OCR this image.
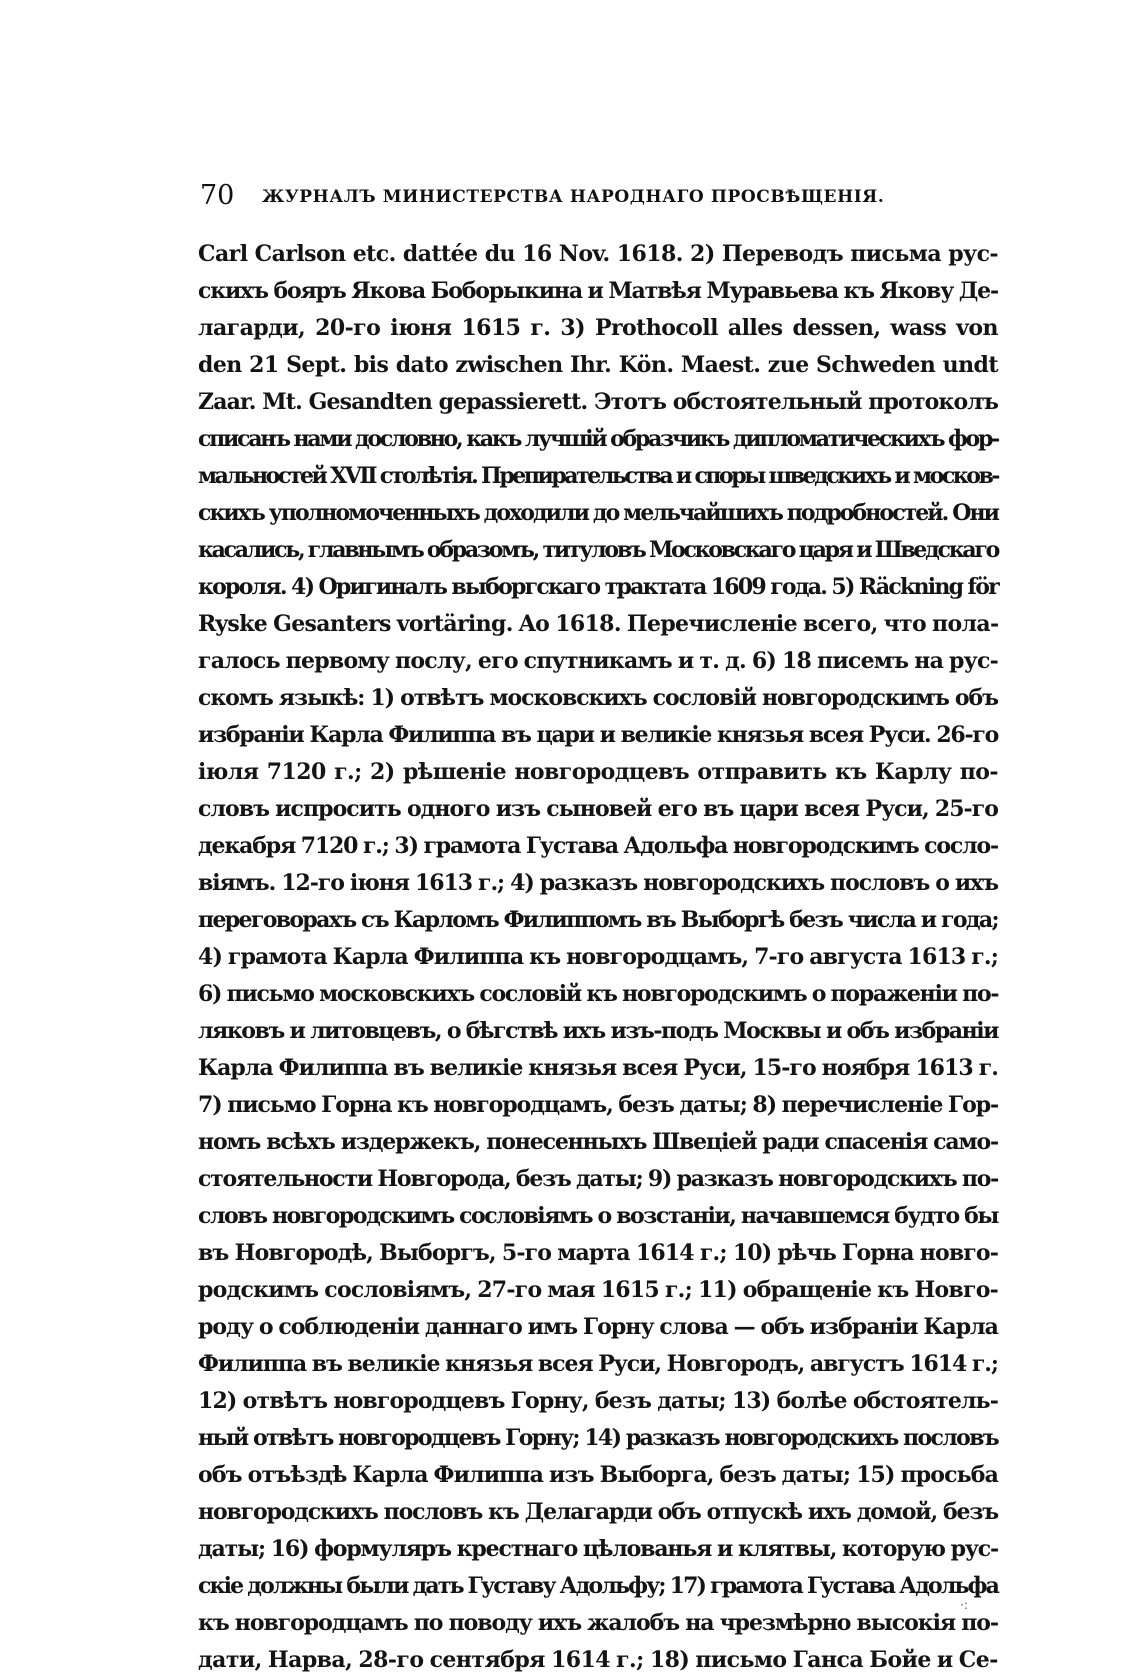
70 ЖУРНАЛЪ МИНИСТЕРСТВА НАРОДНАГО ПРОСВѢЩЕНІЯ.
Carl Carlson etc. dattée du 16 Nov. 1618. 2) Переводъ письма рус-
скихъ бояръ Якова Боборыкина и Матвѣя Муравьева къ Якову Де-
лагарди, 20-го іюня 1615 г. 3) Prothocoll alles dessen, wass von
den 21 Sept. bis dato zwischen Ihr. Kön. Maest. zue Schweden undt
Zaar. Mt. Gesandten gepassierett. Этотъ обстоятельный протоколъ
списанъ нами дословно, какъ лучшій образчикъ дипломатическихъ фор-
мальностей XVII столѣтія. Препирательства и споры шведскихъ и москов-
скихъ уполномоченныхъ доходили до мельчайшихъ подробностей. Они
касались, главнымъ образомъ, титуловъ Московскаго царя и Шведскаго
короля. 4) Оригиналъ выборгскаго трактата 1609 года. 5) Räckning för
Ryske Gesanters vortäring. Ao 1618. Перечисленіе всего, что пола-
галось первому послу, его спутникамъ и т. д. 6) 18 писемъ на рус-
скомъ языкѣ: 1) отвѣтъ московскихъ сословій новгородскимъ объ
избраніи Карла Филиппа въ цари и великіе князья всея Руси. 26-го
іюля 7120 г.; 2) рѣшеніе новгородцевъ отправить къ Карлу по-
словъ испросить одного изъ сыновей его въ цари всея Руси, 25-го
декабря 7120 г.; 3) грамота Густава Адольфа новгородскимъ сосло-
віямъ. 12-го іюня 1613 г.; 4) разказъ новгородскихъ пословъ о ихъ
переговорахъ съ Карломъ Филиппомъ въ Выборгѣ безъ числа и года;
4) грамота Карла Филиппа къ новгородцамъ, 7-го августа 1613 г.;
6) письмо московскихъ сословій къ новгородскимъ о пораженіи по-
ляковъ и литовцевъ, о бѣгствѣ ихъ изъ-подъ Москвы и объ избраніи
Карла Филиппа въ великіе князья всея Руси, 15-го ноября 1613 г.
7) письмо Горна къ новгородцамъ, безъ даты; 8) перечисленіе Гор-
номъ всѣхъ издержекъ, понесенныхъ Швеціей ради спасенія само-
стоятельности Новгорода, безъ даты; 9) разказъ новгородскихъ по-
словъ новгородскимъ сословіямъ о возстаніи, начавшемся будто бы
въ Новгородѣ, Выборгъ, 5-го марта 1614 г.; 10) рѣчь Горна новго-
родскимъ сословіямъ, 27-го мая 1615 г.; 11) обращеніе къ Новго-
роду о соблюденіи даннаго имъ Горну слова — объ избраніи Карла
Филиппа въ великіе князья всея Руси, Новгородъ, августъ 1614 г.;
12) отвѣтъ новгородцевъ Горну, безъ даты; 13) болѣе обстоятель-
ный отвѣтъ новгородцевъ Горну; 14) разказъ новгородскихъ пословъ
объ отъѣздѣ Карла Филиппа изъ Выборга, безъ даты; 15) просьба
новгородскихъ пословъ къ Делагарди объ отпускѣ ихъ домой, безъ
даты; 16) формуляръ крестнаго цѣлованья и клятвы, которую рус-
скіе должны были дать Густаву Адольфу; 17) грамота Густава Адольфа
къ новгородцамъ по поводу ихъ жалобъ на чрезмѣрно высокія по-
дати, Нарва, 28-го сентября 1614 г.; 18) письмо Ганса Бойе и Се-
·:
